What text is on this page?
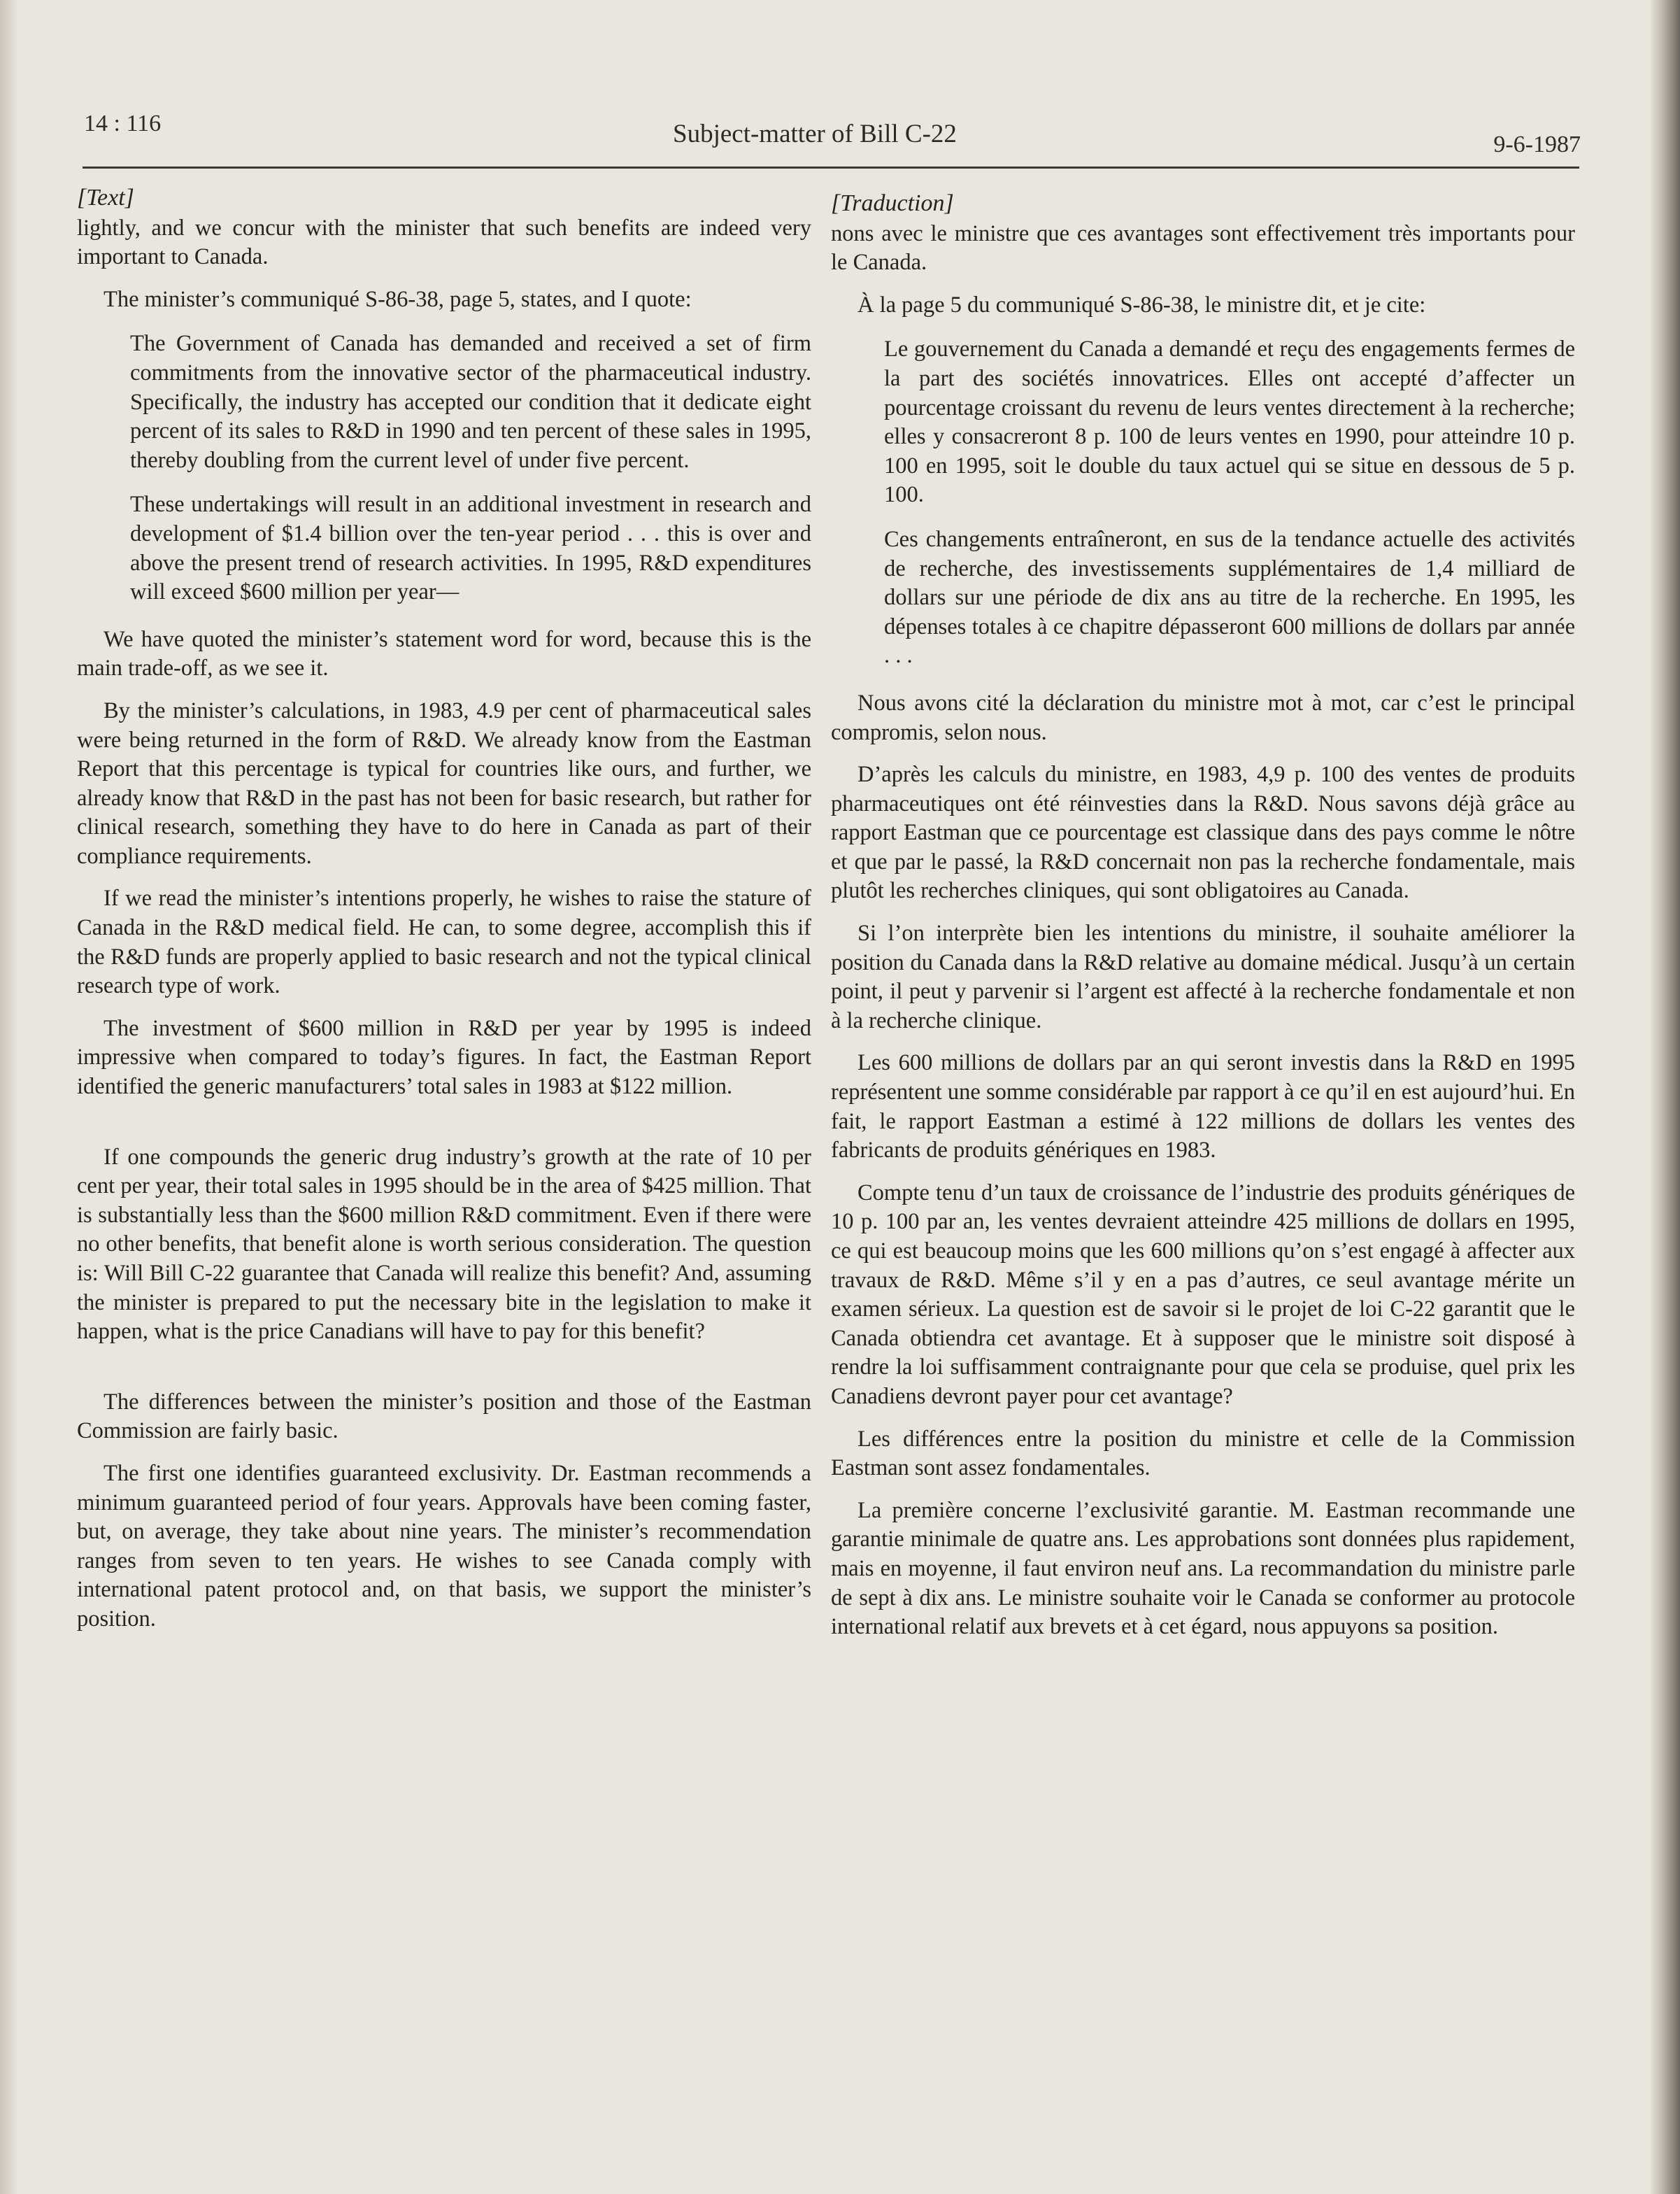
14 : 116	Subject-matter of Bill C-22	9-6-1987

[Text]

lightly, and we concur with the minister that such benefits are indeed very important to Canada.

The minister’s communiqué S-86-38, page 5, states, and I quote:

The Government of Canada has demanded and received a set of firm commitments from the innovative sector of the pharmaceutical industry. Specifically, the industry has accepted our condition that it dedicate eight percent of its sales to R&D in 1990 and ten percent of these sales in 1995, thereby doubling from the current level of under five percent.

These undertakings will result in an additional investment in research and development of $1.4 billion over the ten-year period . . . this is over and above the present trend of research activities. In 1995, R&D expenditures will exceed $600 million per year—

We have quoted the minister’s statement word for word, because this is the main trade-off, as we see it.

By the minister’s calculations, in 1983, 4.9 per cent of pharmaceutical sales were being returned in the form of R&D. We already know from the Eastman Report that this percentage is typical for countries like ours, and further, we already know that R&D in the past has not been for basic research, but rather for clinical research, something they have to do here in Canada as part of their compliance requirements.

If we read the minister’s intentions properly, he wishes to raise the stature of Canada in the R&D medical field. He can, to some degree, accomplish this if the R&D funds are properly applied to basic research and not the typical clinical research type of work.

The investment of $600 million in R&D per year by 1995 is indeed impressive when compared to today’s figures. In fact, the Eastman Report identified the generic manufacturers’ total sales in 1983 at $122 million.

If one compounds the generic drug industry’s growth at the rate of 10 per cent per year, their total sales in 1995 should be in the area of $425 million. That is substantially less than the $600 million R&D commitment. Even if there were no other benefits, that benefit alone is worth serious consideration. The question is: Will Bill C-22 guarantee that Canada will realize this benefit? And, assuming the minister is prepared to put the necessary bite in the legislation to make it happen, what is the price Canadians will have to pay for this benefit?

The differences between the minister’s position and those of the Eastman Commission are fairly basic.

The first one identifies guaranteed exclusivity. Dr. Eastman recommends a minimum guaranteed period of four years. Approvals have been coming faster, but, on average, they take about nine years. The minister’s recommendation ranges from seven to ten years. He wishes to see Canada comply with international patent protocol and, on that basis, we support the minister’s position.

[Traduction]

nons avec le ministre que ces avantages sont effectivement très importants pour le Canada.

À la page 5 du communiqué S-86-38, le ministre dit, et je cite:

Le gouvernement du Canada a demandé et reçu des engagements fermes de la part des sociétés innovatrices. Elles ont accepté d’affecter un pourcentage croissant du revenu de leurs ventes directement à la recherche; elles y consacreront 8 p. 100 de leurs ventes en 1990, pour atteindre 10 p. 100 en 1995, soit le double du taux actuel qui se situe en dessous de 5 p. 100.

Ces changements entraîneront, en sus de la tendance actuelle des activités de recherche, des investissements supplémentaires de 1,4 milliard de dollars sur une période de dix ans au titre de la recherche. En 1995, les dépenses totales à ce chapitre dépasseront 600 millions de dollars par année . . .

Nous avons cité la déclaration du ministre mot à mot, car c’est le principal compromis, selon nous.

D’après les calculs du ministre, en 1983, 4,9 p. 100 des ventes de produits pharmaceutiques ont été réinvesties dans la R&D. Nous savons déjà grâce au rapport Eastman que ce pourcentage est classique dans des pays comme le nôtre et que par le passé, la R&D concernait non pas la recherche fondamentale, mais plutôt les recherches cliniques, qui sont obligatoires au Canada.

Si l’on interprète bien les intentions du ministre, il souhaite améliorer la position du Canada dans la R&D relative au domaine médical. Jusqu’à un certain point, il peut y parvenir si l’argent est affecté à la recherche fondamentale et non à la recherche clinique.

Les 600 millions de dollars par an qui seront investis dans la R&D en 1995 représentent une somme considérable par rapport à ce qu’il en est aujourd’hui. En fait, le rapport Eastman a estimé à 122 millions de dollars les ventes des fabricants de produits génériques en 1983.

Compte tenu d’un taux de croissance de l’industrie des produits génériques de 10 p. 100 par an, les ventes devraient atteindre 425 millions de dollars en 1995, ce qui est beaucoup moins que les 600 millions qu’on s’est engagé à affecter aux travaux de R&D. Même s’il y en a pas d’autres, ce seul avantage mérite un examen sérieux. La question est de savoir si le projet de loi C-22 garantit que le Canada obtiendra cet avantage. Et à supposer que le ministre soit disposé à rendre la loi suffisamment contraignante pour que cela se produise, quel prix les Canadiens devront payer pour cet avantage?

Les différences entre la position du ministre et celle de la Commission Eastman sont assez fondamentales.

La première concerne l’exclusivité garantie. M. Eastman recommande une garantie minimale de quatre ans. Les approbations sont données plus rapidement, mais en moyenne, il faut environ neuf ans. La recommandation du ministre parle de sept à dix ans. Le ministre souhaite voir le Canada se conformer au protocole international relatif aux brevets et à cet égard, nous appuyons sa position.
